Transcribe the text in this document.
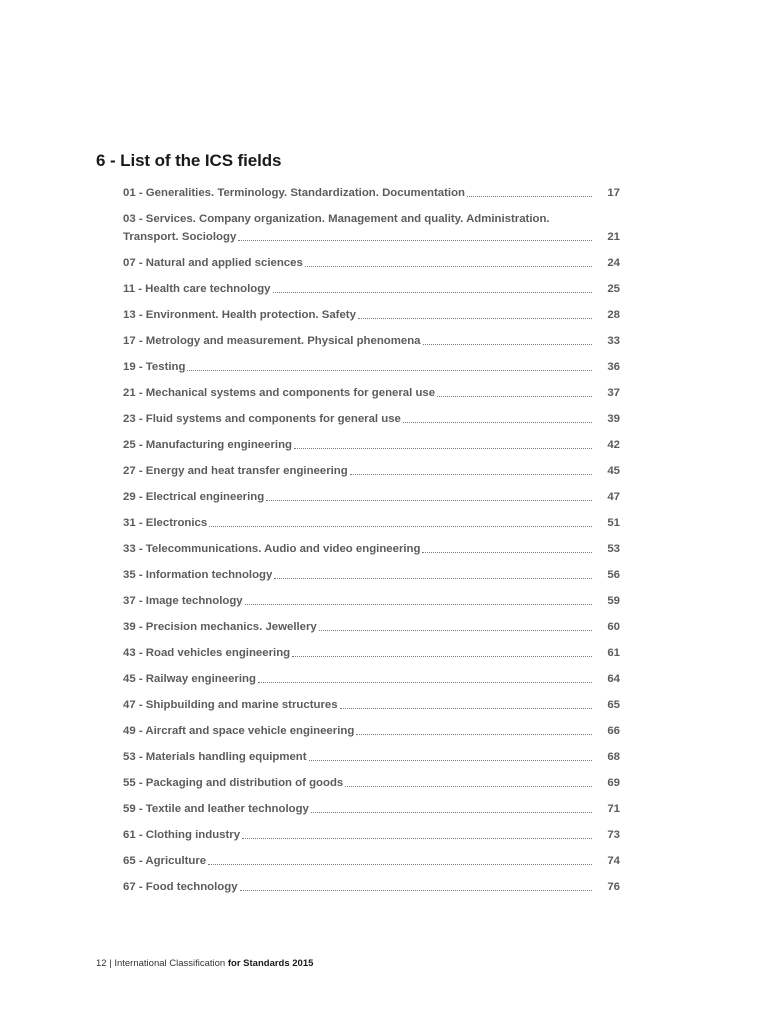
6 - List of the ICS fields
01 - Generalities. Terminology. Standardization. Documentation	17
03 - Services. Company organization. Management and quality. Administration.
Transport. Sociology	21
07 - Natural and applied sciences	24
11 - Health care technology	25
13 - Environment. Health protection. Safety	28
17 - Metrology and measurement. Physical phenomena	33
19 - Testing	36
21 - Mechanical systems and components for general use	37
23 - Fluid systems and components for general use	39
25 - Manufacturing engineering	42
27 - Energy and heat transfer engineering	45
29 - Electrical engineering	47
31 - Electronics	51
33 - Telecommunications. Audio and video engineering	53
35 - Information technology	56
37 - Image technology	59
39 - Precision mechanics. Jewellery	60
43 - Road vehicles engineering	61
45 - Railway engineering	64
47 - Shipbuilding and marine structures	65
49 - Aircraft and space vehicle engineering	66
53 - Materials handling equipment	68
55 - Packaging and distribution of goods	69
59 - Textile and leather technology	71
61 - Clothing industry	73
65 - Agriculture	74
67 - Food technology	76
12 | International Classification for Standards 2015
